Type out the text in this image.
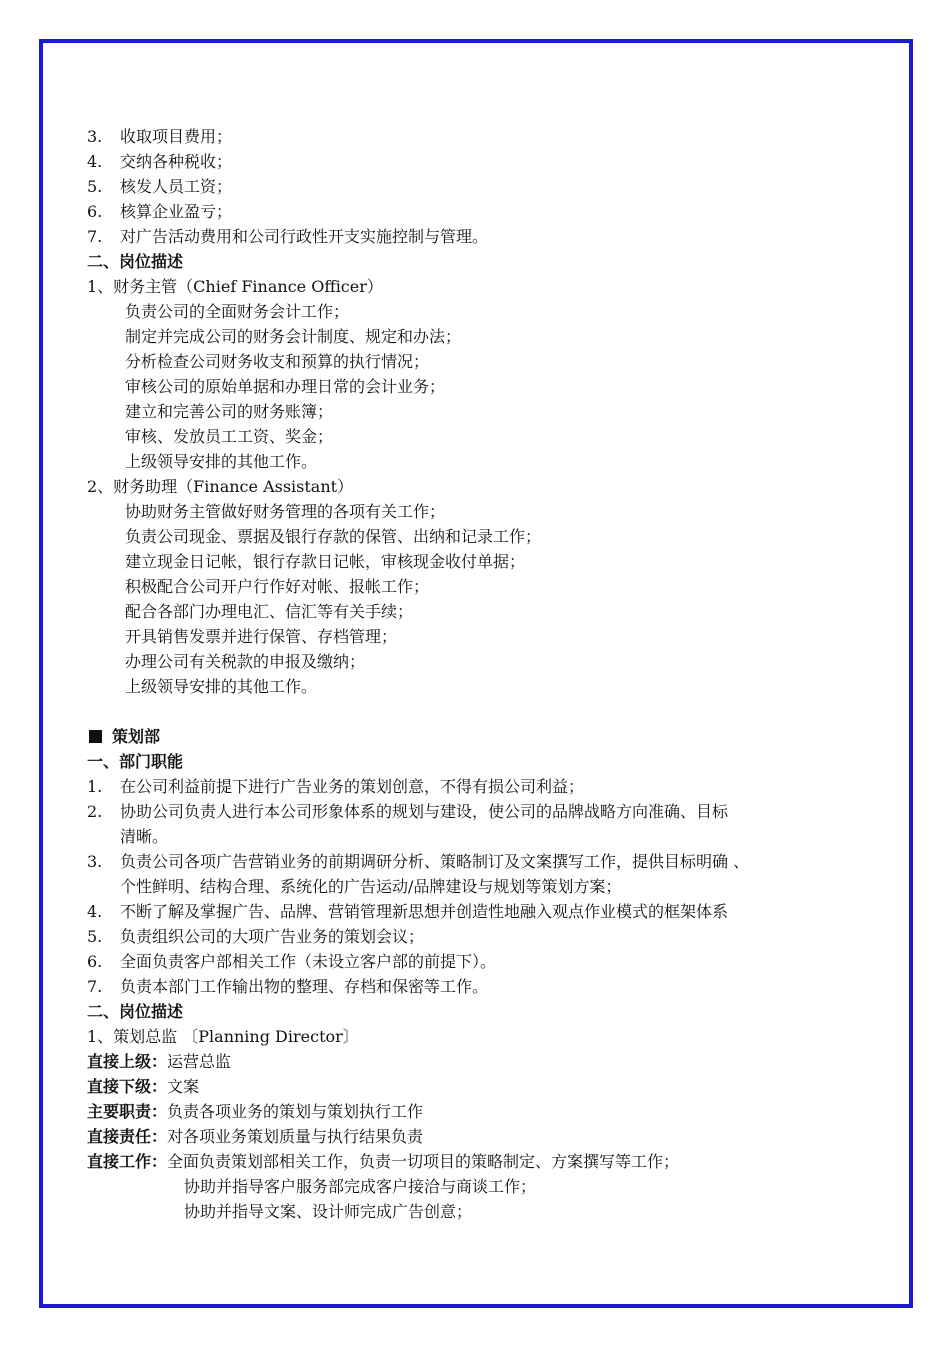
3. 收取项目费用；
4. 交纳各种税收；
5. 核发人员工资；
6. 核算企业盈亏；
7. 对广告活动费用和公司行政性开支实施控制与管理。
二、岗位描述
1、财务主管（Chief Finance Officer）
负责公司的全面财务会计工作；
制定并完成公司的财务会计制度、规定和办法；
分析检查公司财务收支和预算的执行情况；
审核公司的原始单据和办理日常的会计业务；
建立和完善公司的财务账簿；
审核、发放员工工资、奖金；
上级领导安排的其他工作。
2、财务助理（Finance Assistant）
协助财务主管做好财务管理的各项有关工作；
负责公司现金、票据及银行存款的保管、出纳和记录工作；
建立现金日记帐，银行存款日记帐，审核现金收付单据；
积极配合公司开户行作好对帐、报帐工作；
配合各部门办理电汇、信汇等有关手续；
开具销售发票并进行保管、存档管理；
办理公司有关税款的申报及缴纳；
上级领导安排的其他工作。
策划部
一、部门职能
1. 在公司利益前提下进行广告业务的策划创意，不得有损公司利益；
2. 协助公司负责人进行本公司形象体系的规划与建设，使公司的品牌战略方向准确、目标
清晰。
3. 负责公司各项广告营销业务的前期调研分析、策略制订及文案撰写工作，提供目标明确 、
个性鲜明、结构合理、系统化的广告运动/品牌建设与规划等策划方案；
4. 不断了解及掌握广告、品牌、营销管理新思想并创造性地融入观点作业模式的框架体系
5. 负责组织公司的大项广告业务的策划会议；
6. 全面负责客户部相关工作（未设立客户部的前提下）。
7. 负责本部门工作输出物的整理、存档和保密等工作。
二、岗位描述
1、策划总监 〔Planning Director〕
直接上级：运营总监
直接下级：文案
主要职责：负责各项业务的策划与策划执行工作
直接责任：对各项业务策划质量与执行结果负责
直接工作：全面负责策划部相关工作，负责一切项目的策略制定、方案撰写等工作；
协助并指导客户服务部完成客户接洽与商谈工作；
协助并指导文案、设计师完成广告创意；
